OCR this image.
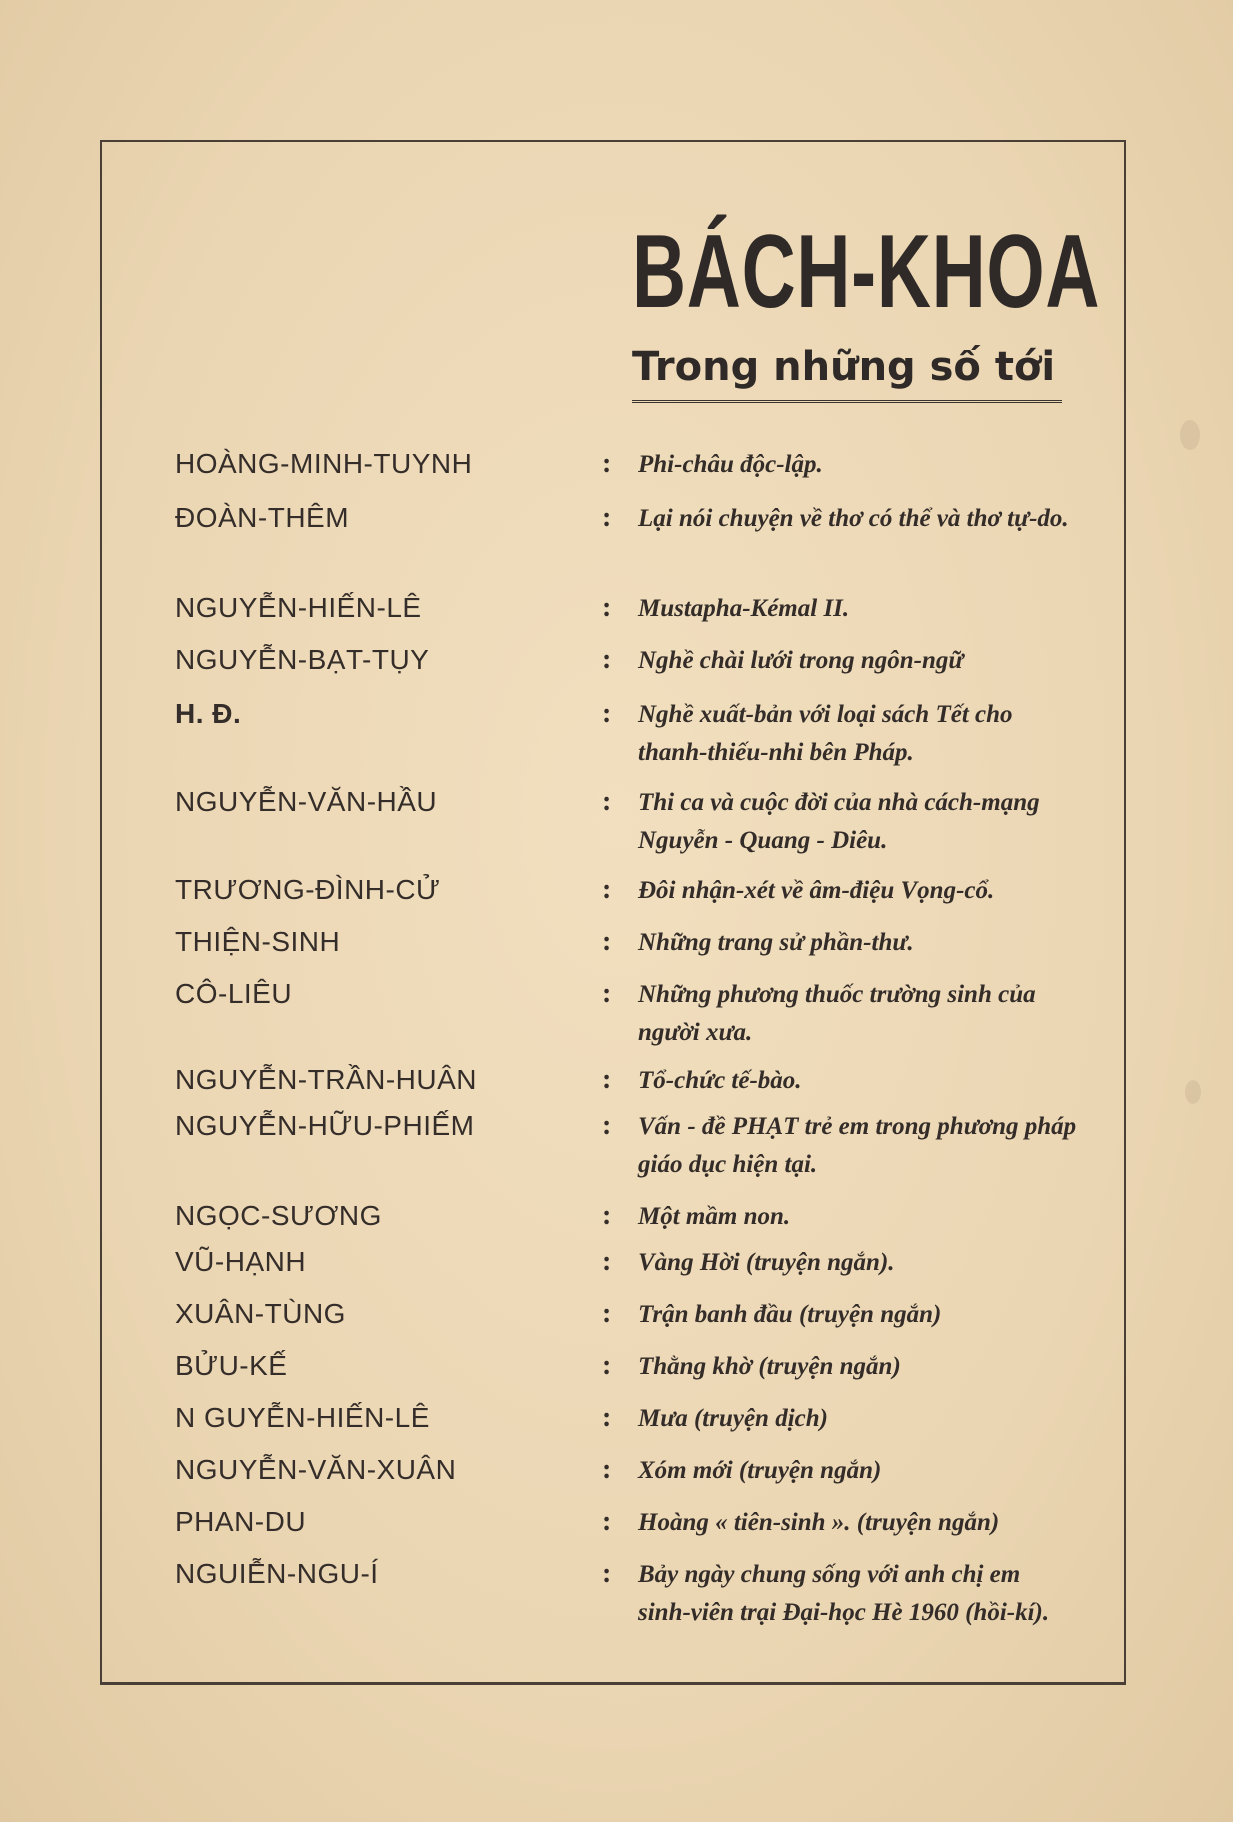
BÁCH-KHOA
Trong những số tới
HOÀNG-MINH-TUYNH	: Phi-châu độc-lập.
ĐOÀN-THÊM	: Lại nói chuyện về thơ có thể và thơ tự-do.
NGUYỄN-HIẾN-LÊ	: Mustapha-Kémal II.
NGUYỄN-BẠT-TỤY	: Nghề chài lưới trong ngôn-ngữ
H. Đ.	: Nghề xuất-bản với loại sách Tết cho thanh-thiếu-nhi bên Pháp.
NGUYỄN-VĂN-HẦU	: Thi ca và cuộc đời của nhà cách-mạng Nguyễn - Quang - Diêu.
TRƯƠNG-ĐÌNH-CỬ	: Đôi nhận-xét về âm-điệu Vọng-cổ.
THIỆN-SINH	: Những trang sử phần-thư.
CÔ-LIÊU	: Những phương thuốc trường sinh của người xưa.
NGUYỄN-TRẦN-HUÂN	: Tổ-chức tế-bào.
NGUYỄN-HỮU-PHIẾM	: Vấn - đề PHẠT trẻ em trong phương pháp giáo dục hiện tại.
NGỌC-SƯƠNG	: Một mầm non.
VŨ-HẠNH	: Vàng Hời (truyện ngắn).
XUÂN-TÙNG	: Trận banh đầu (truyện ngắn)
BỬU-KẾ	: Thằng khờ (truyện ngắn)
N GUYỄN-HIẾN-LÊ	: Mưa (truyện dịch)
NGUYỄN-VĂN-XUÂN	: Xóm mới (truyện ngắn)
PHAN-DU	: Hoàng « tiên-sinh ». (truyện ngắn)
NGUIỄN-NGU-Í	: Bảy ngày chung sống với anh chị em sinh-viên trại Đại-học Hè 1960 (hồi-kí).
